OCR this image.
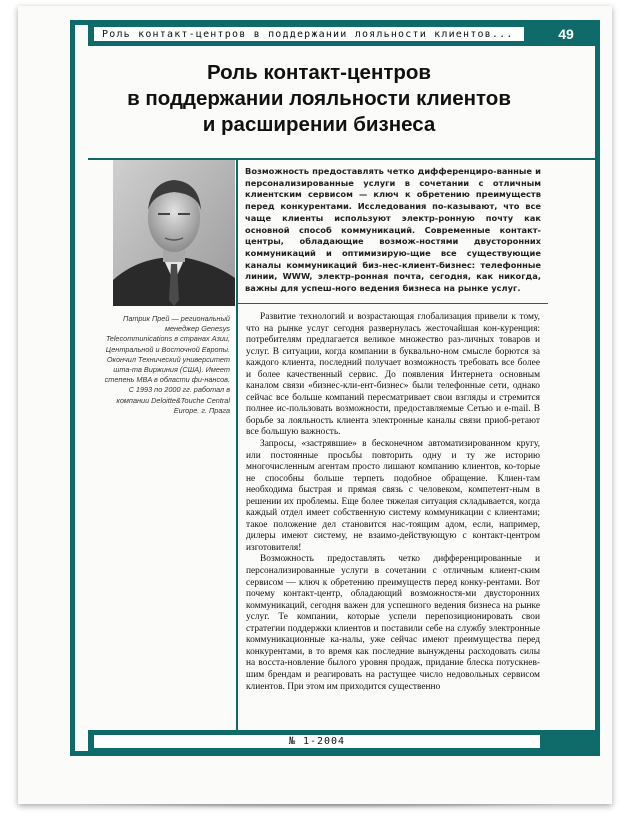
Роль контакт-центров в поддержании лояльности клиентов...	49
Роль контакт-центров
в поддержании лояльности клиентов
и расширении бизнеса
Возможность предоставлять четко дифференциро-ванные и персонализированные услуги в сочетании с отличным клиентским сервисом — ключ к обретению преимуществ перед конкурентами. Исследования по-казывают, что все чаще клиенты используют электр-ронную почту как основной способ коммуникаций. Современные контакт-центры, обладающие возмож-ностями двусторонних коммуникаций и оптимизирую-щие все существующие каналы коммуникаций биз-нес-клиент-бизнес: телефонные линии, WWW, электр-ронная почта, сегодня, как никогда, важны для успеш-ного ведения бизнеса на рынке услуг.
Патрик Прей — региональный менеджер Genesys Telecommunications в странах Азии, Центральной и Восточной Европы. Окончил Технический университет шта-та Виржиния (США). Имеет степень MBA в области фи-нансов. С 1993 по 2000 гг. работал в компании Deloitte&Touche Central Europe. г. Прага

Развитие технологий и возрастающая глобализация привели к тому, что на рынке услуг сегодня развернулась жесточайшая кон-куренция: потребителям предлагается великое множество раз-личных товаров и услуг. В ситуации, когда компании в буквально-ном смысле борются за каждого клиента, последний получает возможность требовать все более и более качественный сервис. До появления Интернета основным каналом связи «бизнес-кли-ент-бизнес» были телефонные сети, однако сейчас все больше компаний пересматривает свои взгляды и стремится полнее ис-пользовать возможности, предоставляемые Сетью и e-mail. В борьбе за лояльность клиента электронные каналы связи приоб-ретают все большую важность.

Запросы, «застрявшие» в бесконечном автоматизированном кругу, или постоянные просьбы повторить одну и ту же историю многочисленным агентам просто лишают компанию клиентов, ко-торые не способны больше терпеть подобное обращение. Клиен-там необходима быстрая и прямая связь с человеком, компетент-ным в решении их проблемы. Еще более тяжелая ситуация складывается, когда каждый отдел имеет собственную систему коммуникации с клиентами; такое положение дел становится нас-тоящим адом, если, например, дилеры имеют систему, не взаимо-действующую с контакт-центром изготовителя!

Возможность предоставлять четко дифференцированные и персонализированные услуги в сочетании с отличным клиент-ским сервисом — ключ к обретению преимуществ перед конку-рентами. Вот почему контакт-центр, обладающий возможностя-ми двусторонних коммуникаций, сегодня важен для успешного ведения бизнеса на рынке услуг. Те компании, которые успели перепозиционировать свои стратегии поддержки клиентов и поставили себе на службу электронные коммуникационные ка-налы, уже сейчас имеют преимущества перед конкурентами, в то время как последние вынуждены расходовать силы на восста-новление былого уровня продаж, придание блеска потускнев-шим брендам и реагировать на растущее число недовольных сервисом клиентов. При этом им приходится существенно

№ 1-2004
